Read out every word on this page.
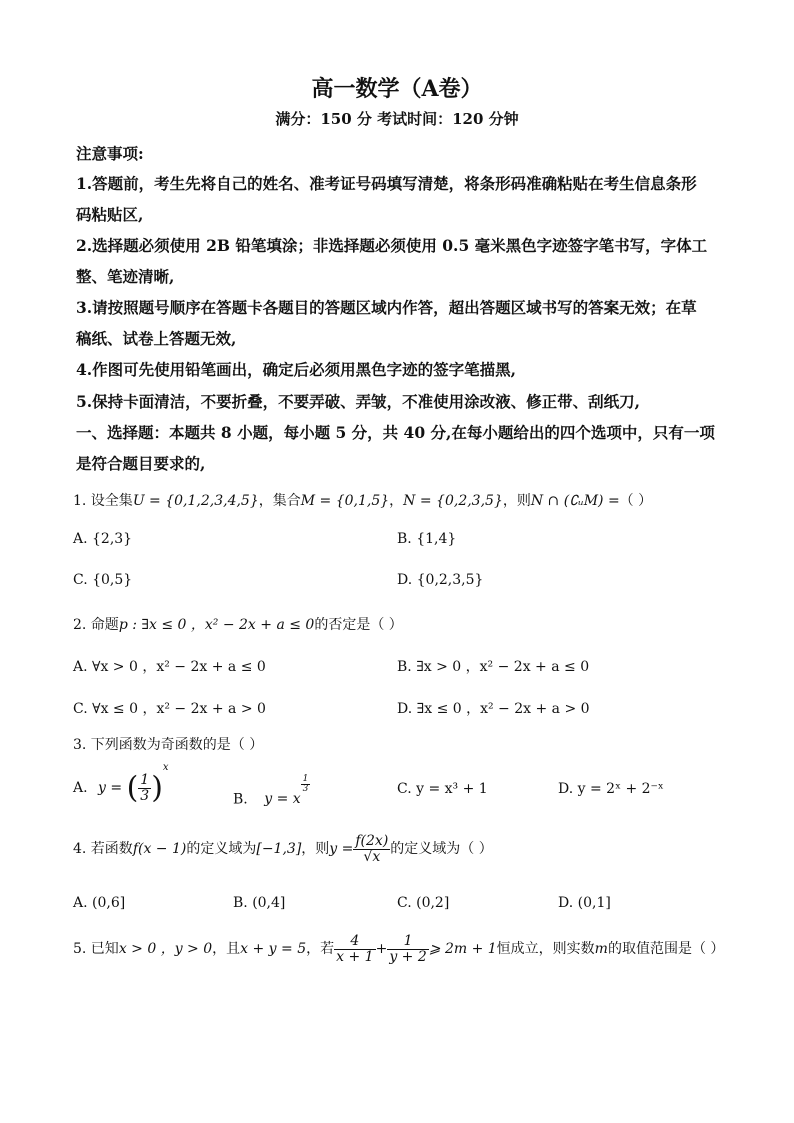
高一数学（A卷）
满分：150 分 考试时间：120 分钟
注意事项:
1.答题前，考生先将自己的姓名、准考证号码填写清楚，将条形码准确粘贴在考生信息条形
码粘贴区,
2.选择题必须使用 2B 铅笔填涂；非选择题必须使用 0.5 毫米黑色字迹签字笔书写，字体工
整、笔迹清晰,
3.请按照题号顺序在答题卡各题目的答题区域内作答，超出答题区域书写的答案无效；在草
稿纸、试卷上答题无效,
4.作图可先使用铅笔画出，确定后必须用黑色字迹的签字笔描黑,
5.保持卡面清洁，不要折叠，不要弄破、弄皱，不准使用涂改液、修正带、刮纸刀,
一、选择题：本题共 8 小题，每小题 5 分，共 40 分,在每小题给出的四个选项中，只有一项
是符合题目要求的,
1. 设全集U = {0,1,2,3,4,5}，集合M = {0,1,5}，N = {0,2,3,5}，则N ∩ (∁ᵤM) =（ ）
A. {2,3}	B. {1,4}
C. {0,5}	D. {0,2,3,5}
2. 命题p : ∃x ≤ 0 ，x² − 2x + a ≤ 0的否定是（ ）
A. ∀x > 0 ，x² − 2x + a ≤ 0	B. ∃x > 0 ，x² − 2x + a ≤ 0
C. ∀x ≤ 0 ，x² − 2x + a > 0	D. ∃x ≤ 0 ，x² − 2x + a > 0
3. 下列函数为奇函数的是（ ）
A. y = ( $\frac{1}{3} )^x$
B. y = x
$\frac{1}{3}$	C. y = x³ + 1	D. y = 2ˣ + 2⁻ˣ
4. 若函数f(x − 1)的定义域为[−1,3]，则$y = \frac{f(2x)}{√x}$ 的定义域为（ ）
A. (0,6]	B. (0,4]	C. (0,2]	D. (0,1]
5. 已知x > 0 ，y > 0，且x + y = 5，若 $\frac{4}{x + 1} + \frac{1}{y + 2}$ ⩾ 2m + 1恒成立，则实数m的取值范围是（ ）
